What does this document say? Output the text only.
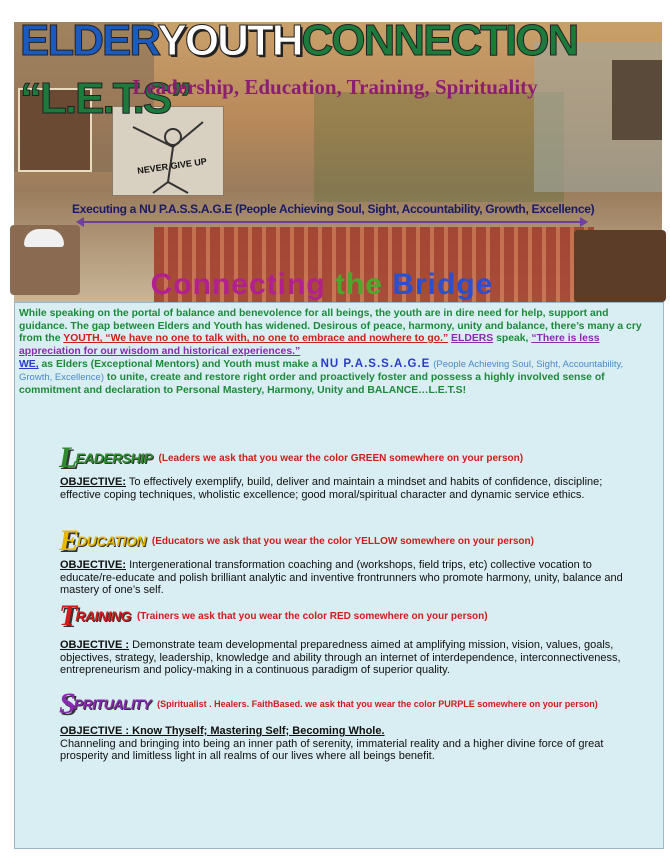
NEVER GIVE UP
ELDERYOUTHCONNECTION “L.E.T.S”
Leadership, Education, Training, Spirituality
Executing a NU P.A.S.S.A.G.E (People Achieving Soul, Sight, Accountability, Growth, Excellence)
Connecting the Bridge
While speaking on the portal of balance and benevolence for all beings, the youth are in dire need for help, support and guidance. The gap between Elders and Youth has widened. Desirous of peace, harmony, unity and balance, there’s many a cry from the YOUTH, “We have no one to talk with, no one to embrace and nowhere to go.” ELDERS speak, “There is less appreciation for our wisdom and historical experiences.”
WE, as Elders (Exceptional Mentors) and Youth must make a NU P.A.S.S.A.G.E (People Achieving Soul, Sight, Accountability, Growth, Excellence) to unite, create and restore right order and proactively foster and possess a highly involved sense of commitment and declaration to Personal Mastery, Harmony, Unity and BALANCE…L.E.T.S!
L
EADERSHIP (Leaders we ask that you wear the color GREEN somewhere on your person)
OBJECTIVE: To effectively exemplify, build, deliver and maintain a mindset and habits of confidence, discipline; effective coping techniques, wholistic excellence; good moral/spiritual character and dynamic service ethics.
E
DUCATION (Educators we ask that you wear the color YELLOW somewhere on your person)
OBJECTIVE: Intergenerational transformation coaching and (workshops, field trips, etc) collective vocation to educate/re-educate and polish brilliant analytic and inventive frontrunners who promote harmony, unity, balance and mastery of one’s self.
T
RAINING (Trainers we ask that you wear the color RED somewhere on your person)
OBJECTIVE : Demonstrate team developmental preparedness aimed at amplifying mission, vision, values, goals, objectives, strategy, leadership, knowledge and ability through an internet of interdependence, interconnectiveness, entrepreneurism and policy-making in a continuous paradigm of superior quality.
S
PRITUALITY (Spiritualist . Healers. FaithBased. we ask that you wear the color PURPLE somewhere on your person)
OBJECTIVE : Know Thyself; Mastering Self; Becoming Whole.
Channeling and bringing into being an inner path of serenity, immaterial reality and a higher divine force of great prosperity and limitless light in all realms of our lives where all beings benefit.
